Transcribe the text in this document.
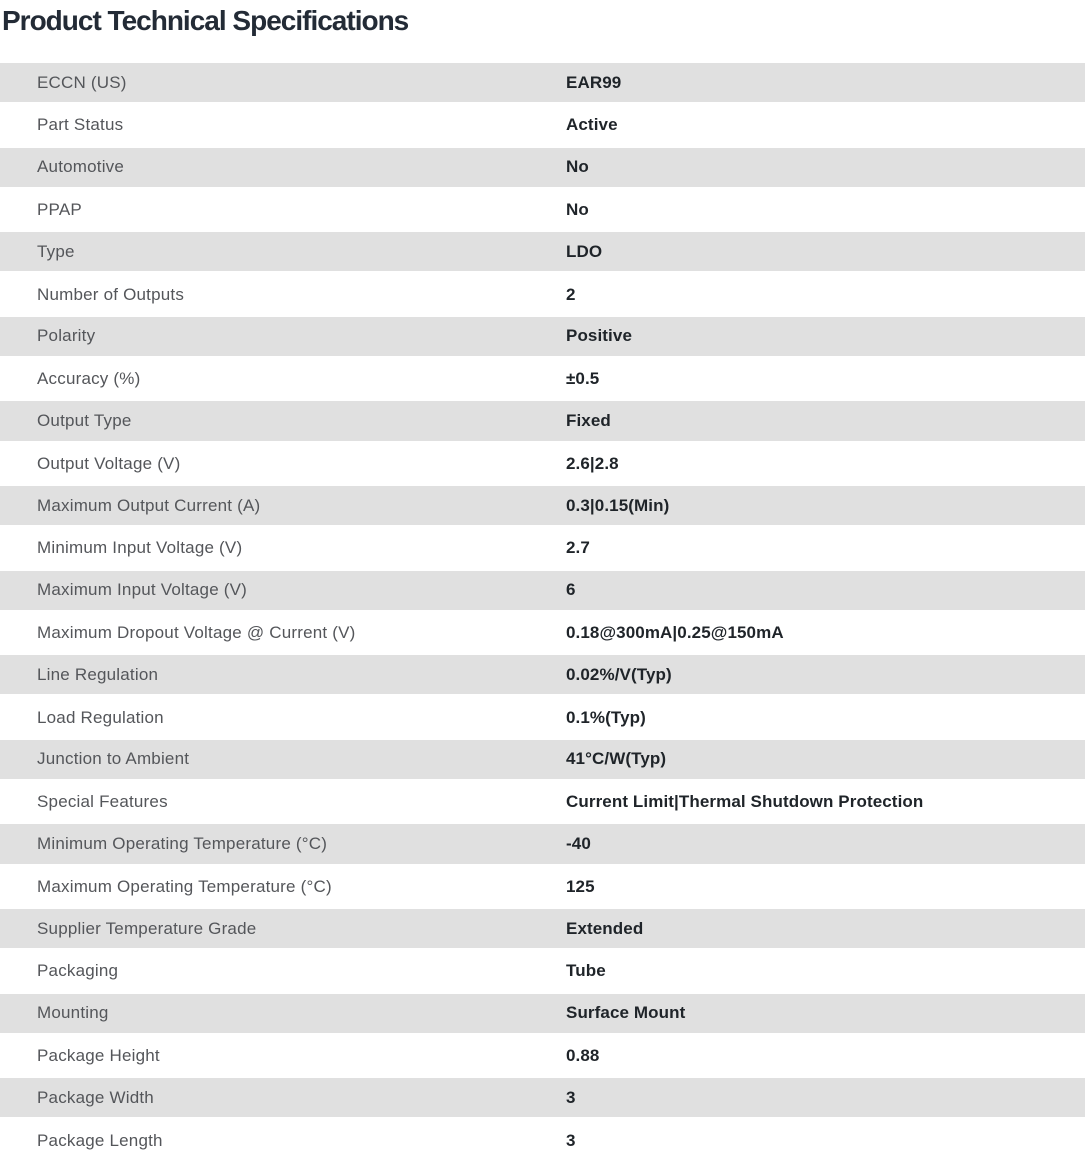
Product Technical Specifications
ECCN (US)	EAR99
Part Status	Active
Automotive	No
PPAP	No
Type	LDO
Number of Outputs	2
Polarity	Positive
Accuracy (%)	±0.5
Output Type	Fixed
Output Voltage (V)	2.6|2.8
Maximum Output Current (A)	0.3|0.15(Min)
Minimum Input Voltage (V)	2.7
Maximum Input Voltage (V)	6
Maximum Dropout Voltage @ Current (V)	0.18@300mA|0.25@150mA
Line Regulation	0.02%/V(Typ)
Load Regulation	0.1%(Typ)
Junction to Ambient	41°C/W(Typ)
Special Features	Current Limit|Thermal Shutdown Protection
Minimum Operating Temperature (°C)	-40
Maximum Operating Temperature (°C)	125
Supplier Temperature Grade	Extended
Packaging	Tube
Mounting	Surface Mount
Package Height	0.88
Package Width	3
Package Length	3
